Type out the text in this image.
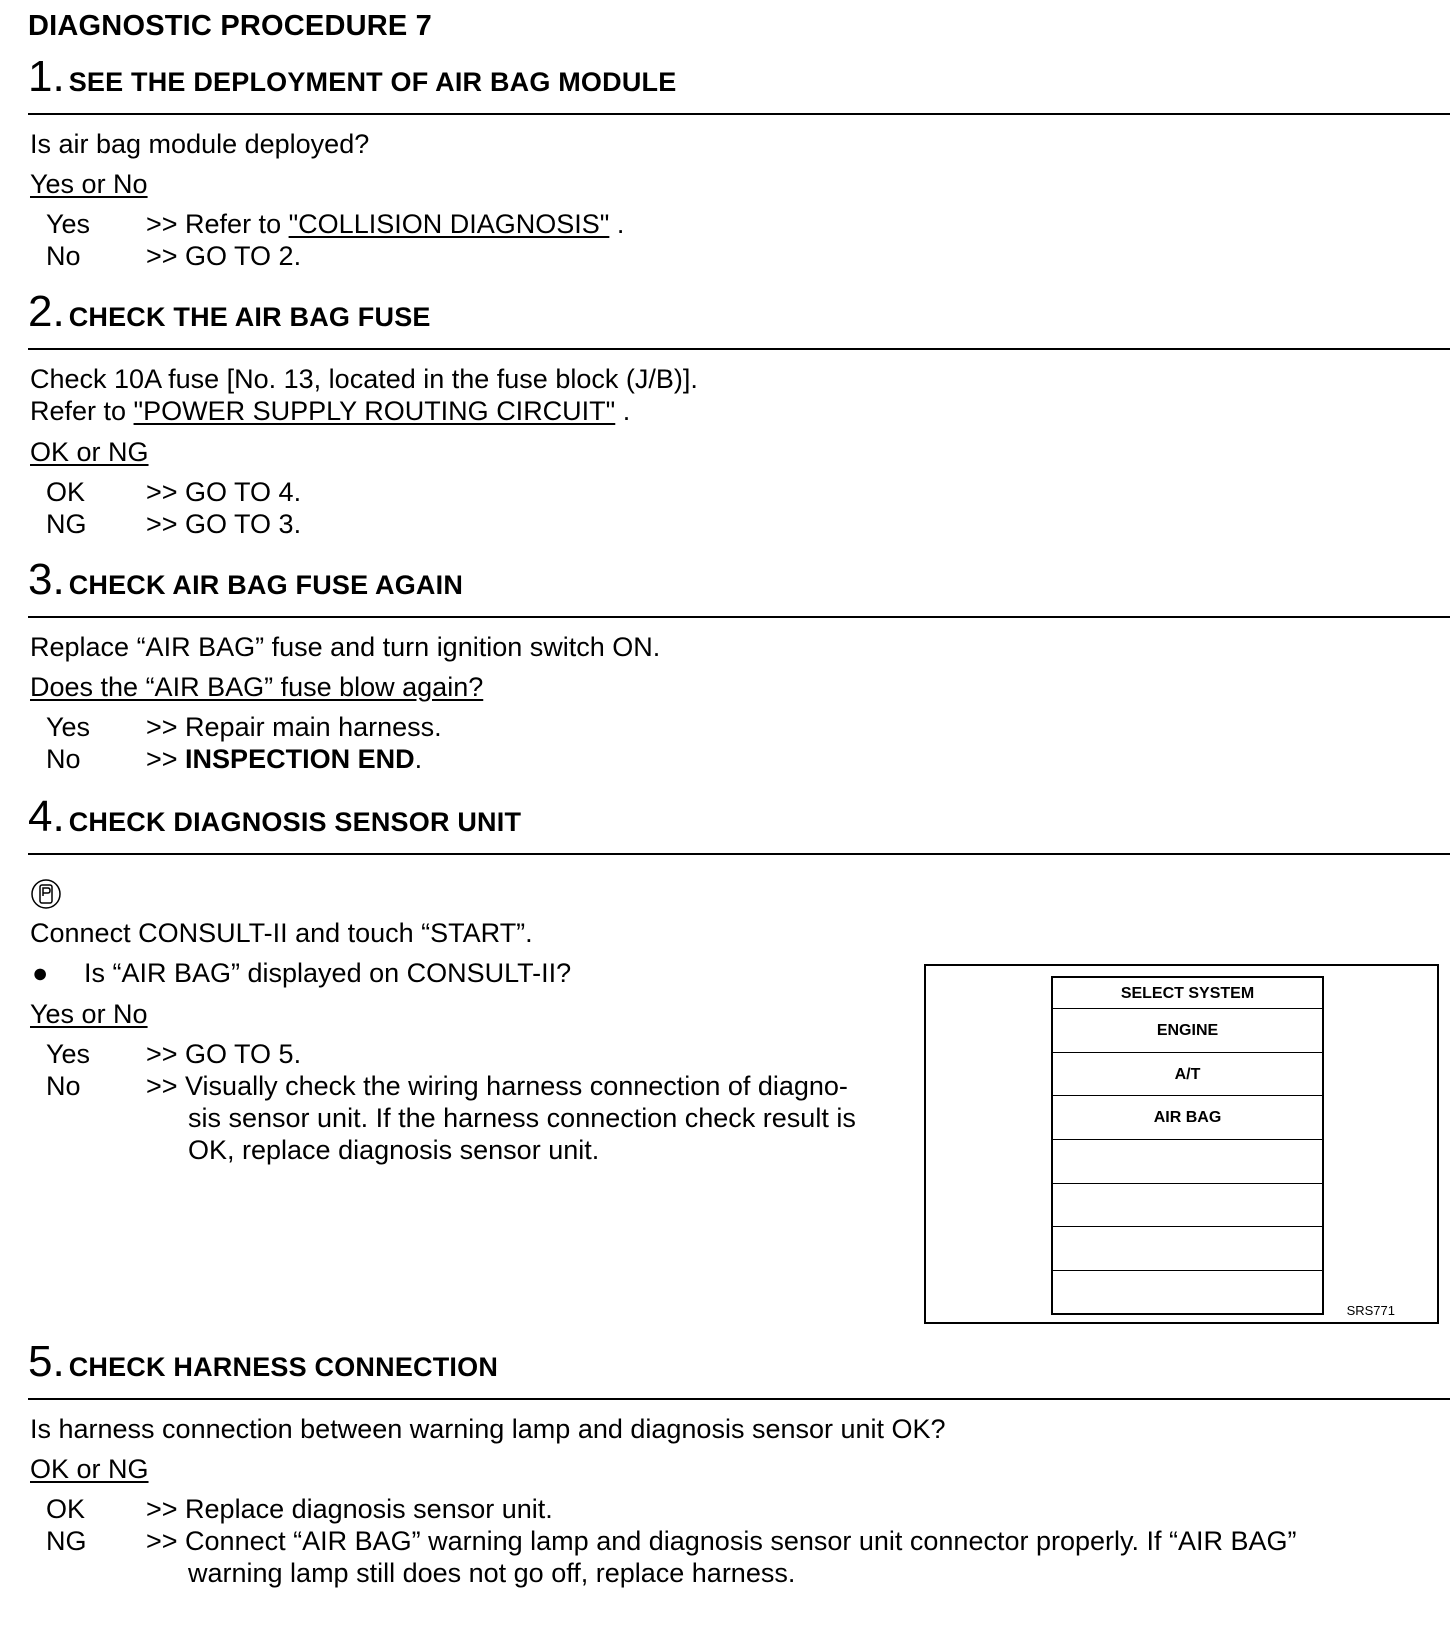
DIAGNOSTIC PROCEDURE 7
1. SEE THE DEPLOYMENT OF AIR BAG MODULE
Is air bag module deployed?
Yes or No
Yes	>> Refer to "COLLISION DIAGNOSIS" .
No	>> GO TO 2.
2. CHECK THE AIR BAG FUSE
Check 10A fuse [No. 13, located in the fuse block (J/B)].
Refer to "POWER SUPPLY ROUTING CIRCUIT" .
OK or NG
OK	>> GO TO 4.
NG	>> GO TO 3.
3. CHECK AIR BAG FUSE AGAIN
Replace “AIR BAG” fuse and turn ignition switch ON.
Does the “AIR BAG” fuse blow again?
Yes	>> Repair main harness.
No	>> INSPECTION END.
4. CHECK DIAGNOSIS SENSOR UNIT
Connect CONSULT-II and touch “START”.
● Is “AIR BAG” displayed on CONSULT-II?
Yes or No
Yes	>> GO TO 5.
No	>> Visually check the wiring harness connection of diagno-
sis sensor unit. If the harness connection check result is
OK, replace diagnosis sensor unit.
SELECT SYSTEM
ENGINE
A/T
AIR BAG
SRS771
5. CHECK HARNESS CONNECTION
Is harness connection between warning lamp and diagnosis sensor unit OK?
OK or NG
OK	>> Replace diagnosis sensor unit.
NG	>> Connect “AIR BAG” warning lamp and diagnosis sensor unit connector properly. If “AIR BAG”
warning lamp still does not go off, replace harness.
